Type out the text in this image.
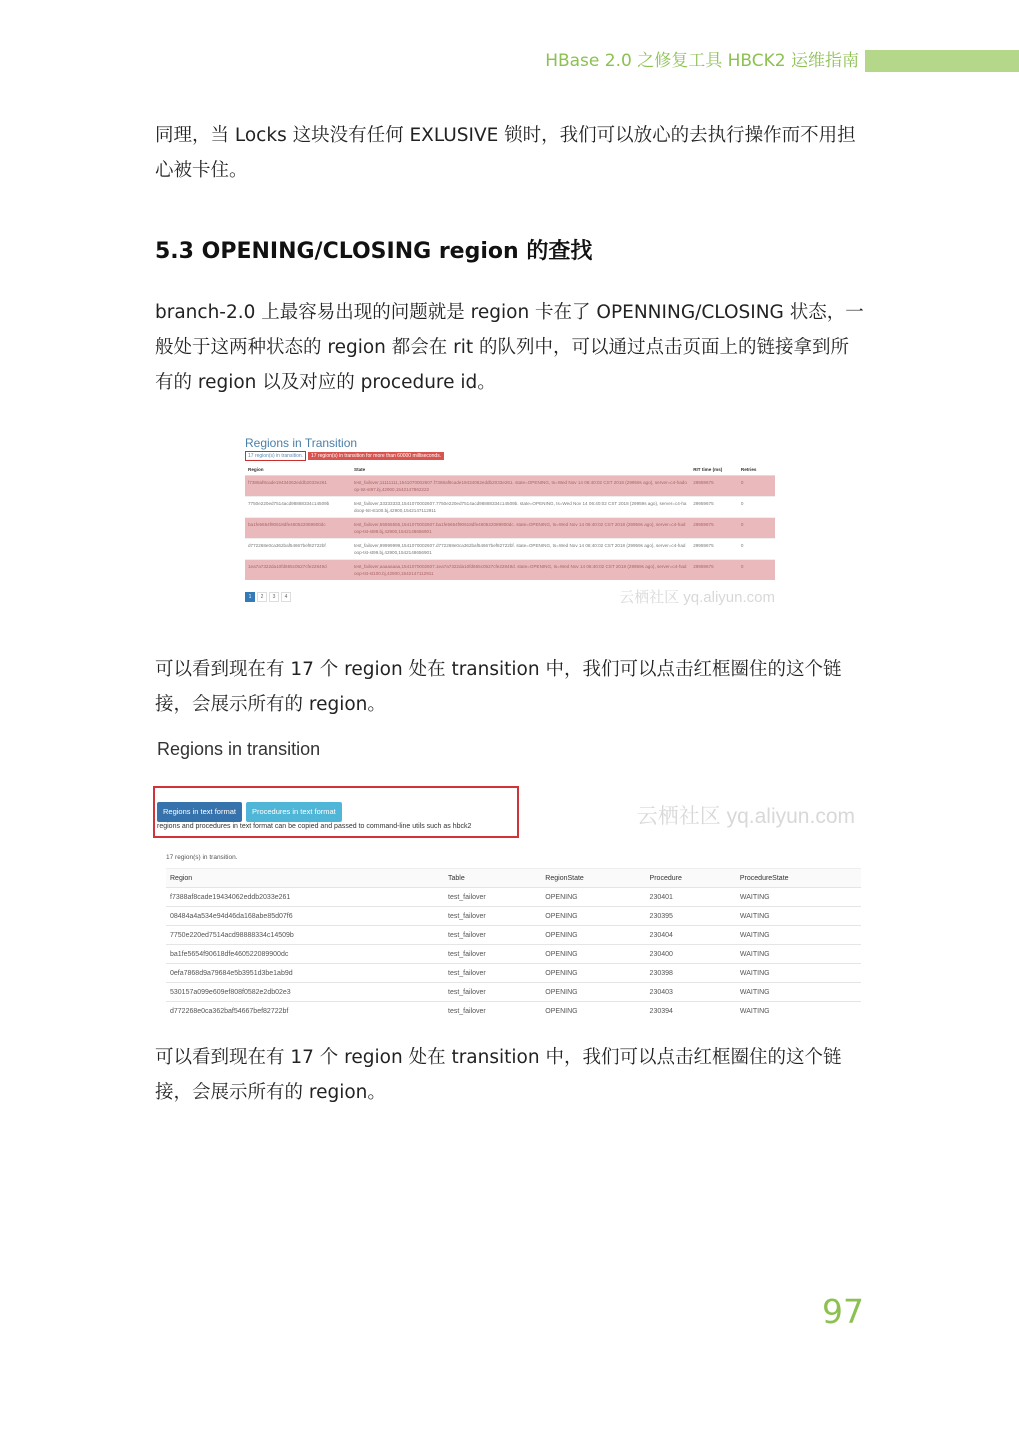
HBase 2.0 之修复工具 HBCK2 运维指南

同理，当 Locks 这块没有任何 EXLUSIVE 锁时，我们可以放心的去执行操作而不用担心被卡住。

5.3 OPENING/CLOSING region 的查找

branch-2.0 上最容易出现的问题就是 region 卡在了 OPENNING/CLOSING 状态，一般处于这两种状态的 region 都会在 rit 的队列中，可以通过点击页面上的链接拿到所有的 region 以及对应的 procedure id。

Regions in Transition
17 region(s) in transition.	17 region(s) in transition for more than 60000 milliseconds.
Region	State	RIT time (ms)	Retries
f7388af8cade19434062eddb2033e261	test_failover,11111111,1541070002607.f7388af8cade19434062eddb2033e261. state=OPENING, ts=Wed Nov 14 06:40:02 CST 2018 (29959s ago), server=c4-hadoop-tst-st97.bj,42900,1542147862222	29959675	0
7750e220ed7514acd98888334c14509b	test_failover,33333333,1541070002607.7750e220ed7514acd98888334c14509b. state=OPENING, ts=Wed Nov 14 06:40:02 CST 2018 (29959s ago), server=c4-hadoop-tst-st100.bj,42900,1542147112911	29959675	0
ba1fe5654f90618dfe460522089900dc	test_failover,55555555,1541070002607.ba1fe5654f90618dfe460522089900dc. state=OPENING, ts=Wed Nov 14 06:40:02 CST 2018 (29959s ago), server=c4-hadoop-tst-st99.bj,42900,1542148656901	29959675	0
d772268e0ca362baf54667bef82722bf	test_failover,99999999,1541070002607.d772268e0ca362baf54667bef82722bf. state=OPENING, ts=Wed Nov 14 06:40:02 CST 2018 (29959s ago), server=c4-hadoop-tst-st99.bj,42900,1542148656901	29959675	0
1ea7a7322da10fd655c0527cfe22849d	test_failover,aaaaaaaa,1541070002607.1ea7a7322da10fd655c0527cfe22849d. state=OPENING, ts=Wed Nov 14 06:40:02 CST 2018 (29959s ago), server=c4-hadoop-tst-st100.bj,42900,1542147112911	29959675	0
1	2	3	4	云栖社区 yq.aliyun.com

可以看到现在有 17 个 region 处在 transition 中，我们可以点击红框圈住的这个链接，会展示所有的 region。

Regions in transition
Regions in text format	Procedures in text format
regions and procedures in text format can be copied and passed to command-line utils such as hbck2	云栖社区 yq.aliyun.com
17 region(s) in transition.
Region	Table	RegionState	Procedure	ProcedureState
f7388af8cade19434062eddb2033e261	test_failover	OPENING	230401	WAITING
08484a4a534e94d46da168abe85d07f6	test_failover	OPENING	230395	WAITING
7750e220ed7514acd98888334c14509b	test_failover	OPENING	230404	WAITING
ba1fe5654f90618dfe460522089900dc	test_failover	OPENING	230400	WAITING
0efa7868d9a79684e5b3951d3be1ab9d	test_failover	OPENING	230398	WAITING
530157a099e609ef808f0582e2db02e3	test_failover	OPENING	230403	WAITING
d772268e0ca362baf54667bef82722bf	test_failover	OPENING	230394	WAITING

可以看到现在有 17 个 region 处在 transition 中，我们可以点击红框圈住的这个链接，会展示所有的 region。

97
